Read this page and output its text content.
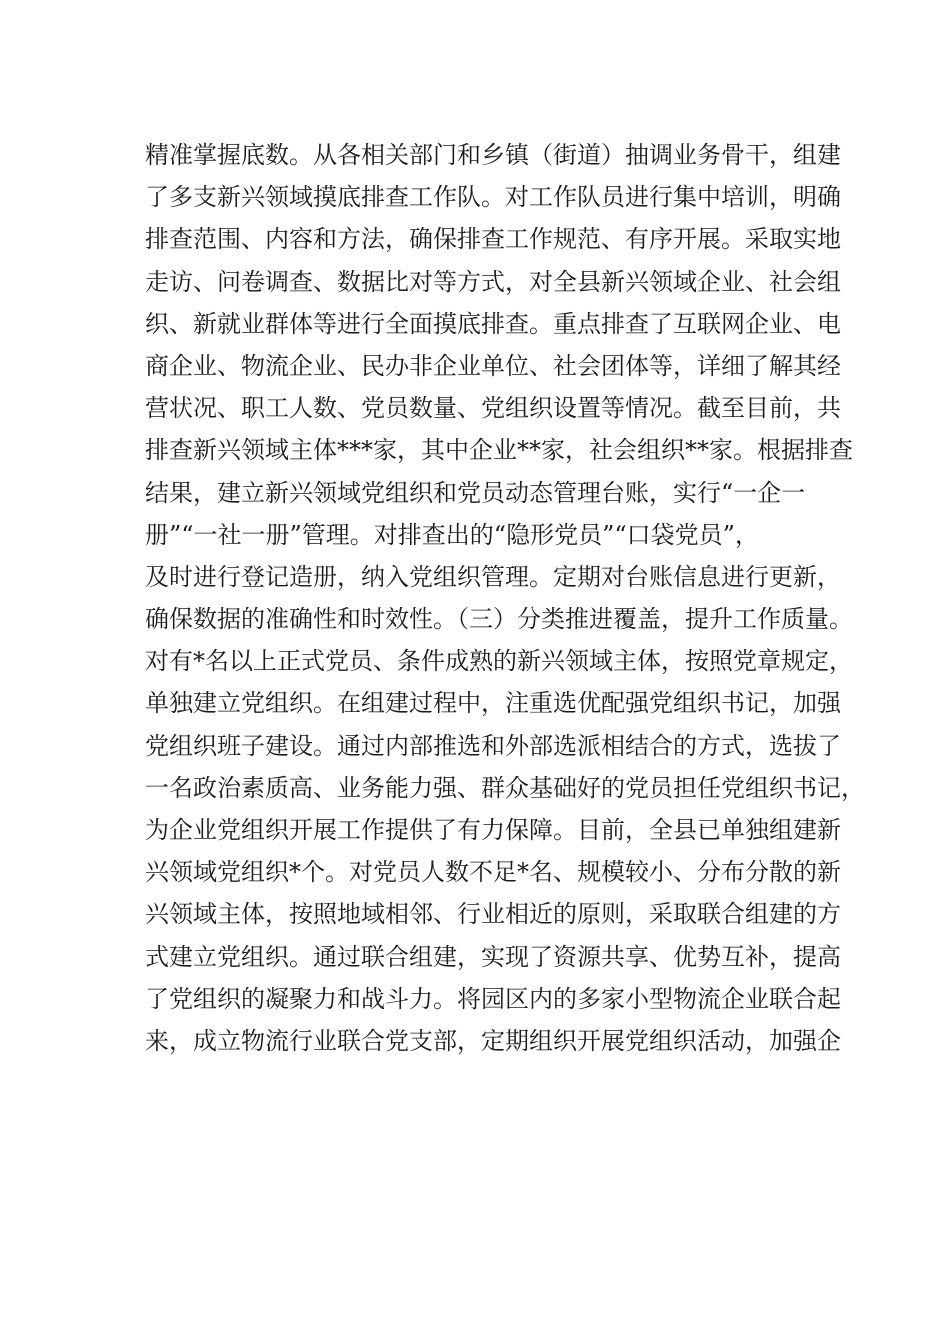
精准掌握底数。从各相关部门和乡镇（街道）抽调业务骨干，组建
了多支新兴领域摸底排查工作队。对工作队员进行集中培训，明确
排查范围、内容和方法，确保排查工作规范、有序开展。采取实地
走访、问卷调查、数据比对等方式，对全县新兴领域企业、社会组
织、新就业群体等进行全面摸底排查。重点排查了互联网企业、电
商企业、物流企业、民办非企业单位、社会团体等，详细了解其经
营状况、职工人数、党员数量、党组织设置等情况。截至目前，共
排查新兴领域主体***家，其中企业**家，社会组织**家。根据排查
结果，建立新兴领域党组织和党员动态管理台账，实行“一企一
册”“一社一册”管理。对排查出的“隐形党员”“口袋党员”，
及时进行登记造册，纳入党组织管理。定期对台账信息进行更新，
确保数据的准确性和时效性。（三）分类推进覆盖，提升工作质量。
对有*名以上正式党员、条件成熟的新兴领域主体，按照党章规定，
单独建立党组织。在组建过程中，注重选优配强党组织书记，加强
党组织班子建设。通过内部推选和外部选派相结合的方式，选拔了
一名政治素质高、业务能力强、群众基础好的党员担任党组织书记，
为企业党组织开展工作提供了有力保障。目前，全县已单独组建新
兴领域党组织*个。对党员人数不足*名、规模较小、分布分散的新
兴领域主体，按照地域相邻、行业相近的原则，采取联合组建的方
式建立党组织。通过联合组建，实现了资源共享、优势互补，提高
了党组织的凝聚力和战斗力。将园区内的多家小型物流企业联合起
来，成立物流行业联合党支部，定期组织开展党组织活动，加强企
